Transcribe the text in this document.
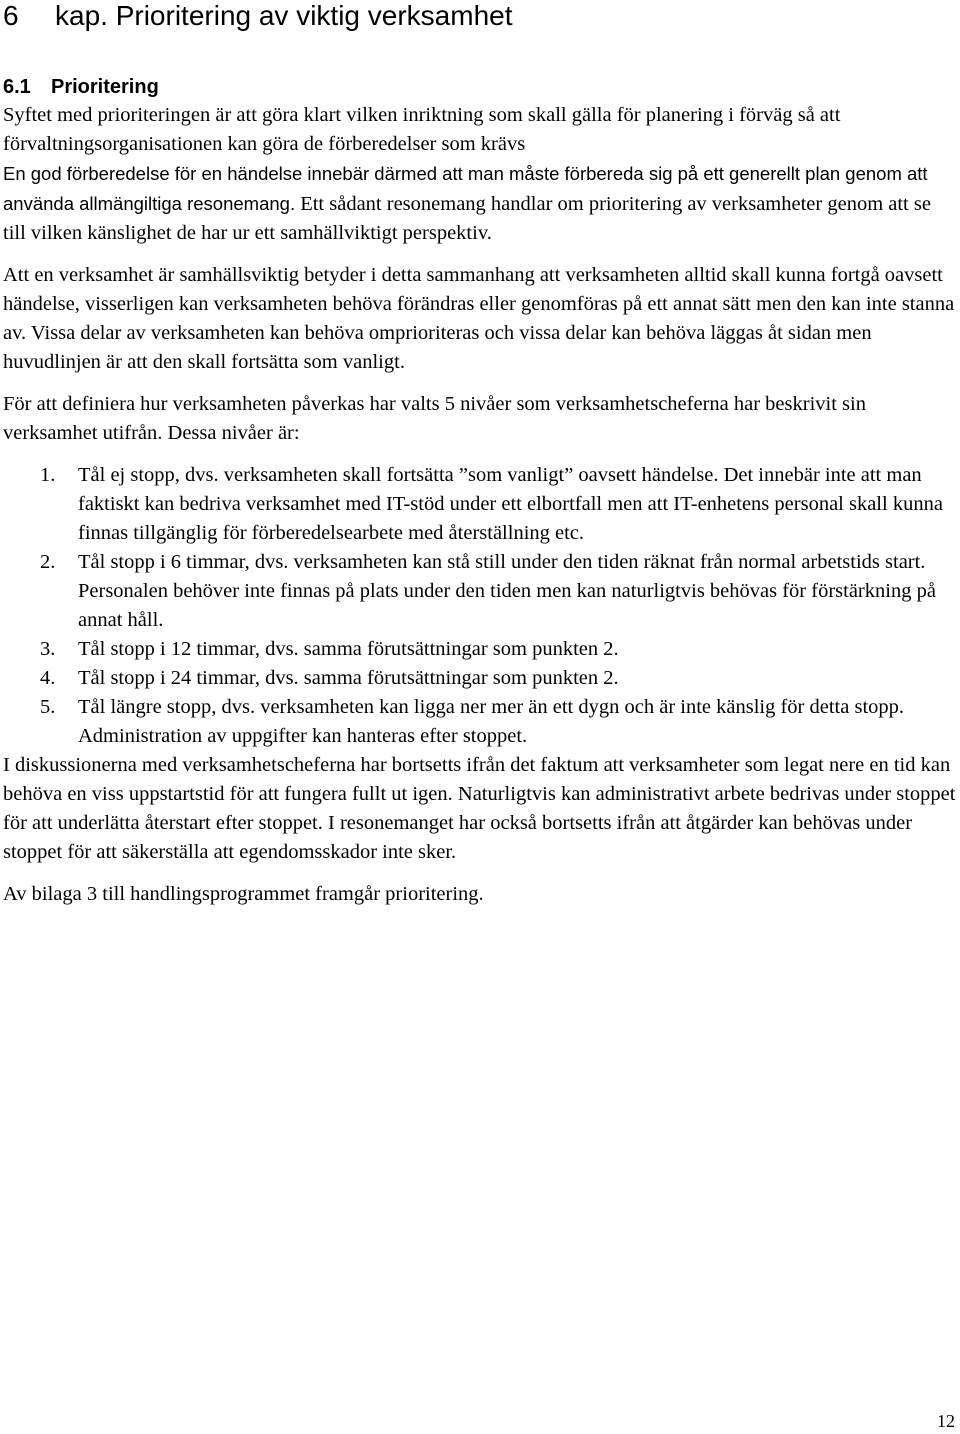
6 kap. Prioritering av viktig verksamhet
6.1 Prioritering

Syftet med prioriteringen är att göra klart vilken inriktning som skall gälla för planering i förväg så att förvaltningsorganisationen kan göra de förberedelser som krävs

En god förberedelse för en händelse innebär därmed att man måste förbereda sig på ett generellt plan genom att använda allmängiltiga resonemang. Ett sådant resonemang handlar om prioritering av verksamheter genom att se till vilken känslighet de har ur ett samhällviktigt perspektiv.

Att en verksamhet är samhällsviktig betyder i detta sammanhang att verksamheten alltid skall kunna fortgå oavsett händelse, visserligen kan verksamheten behöva förändras eller genomföras på ett annat sätt men den kan inte stanna av. Vissa delar av verksamheten kan behöva omprioriteras och vissa delar kan behöva läggas åt sidan men huvudlinjen är att den skall fortsätta som vanligt.

För att definiera hur verksamheten påverkas har valts 5 nivåer som verksamhetscheferna har beskrivit sin verksamhet utifrån. Dessa nivåer är:

1. Tål ej stopp, dvs. verksamheten skall fortsätta ”som vanligt” oavsett händelse. Det innebär inte att man faktiskt kan bedriva verksamhet med IT-stöd under ett elbortfall men att IT-enhetens personal skall kunna finnas tillgänglig för förberedelsearbete med återställning etc.
2. Tål stopp i 6 timmar, dvs. verksamheten kan stå still under den tiden räknat från normal arbetstids start. Personalen behöver inte finnas på plats under den tiden men kan naturligtvis behövas för förstärkning på annat håll.
3. Tål stopp i 12 timmar, dvs. samma förutsättningar som punkten 2.
4. Tål stopp i 24 timmar, dvs. samma förutsättningar som punkten 2.
5. Tål längre stopp, dvs. verksamheten kan ligga ner mer än ett dygn och är inte känslig för detta stopp. Administration av uppgifter kan hanteras efter stoppet.

I diskussionerna med verksamhetscheferna har bortsetts ifrån det faktum att verksamheter som legat nere en tid kan behöva en viss uppstartstid för att fungera fullt ut igen. Naturligtvis kan administrativt arbete bedrivas under stoppet för att underlätta återstart efter stoppet. I resonemanget har också bortsetts ifrån att åtgärder kan behövas under stoppet för att säkerställa att egendomsskador inte sker.

Av bilaga 3 till handlingsprogrammet framgår prioritering.

12
